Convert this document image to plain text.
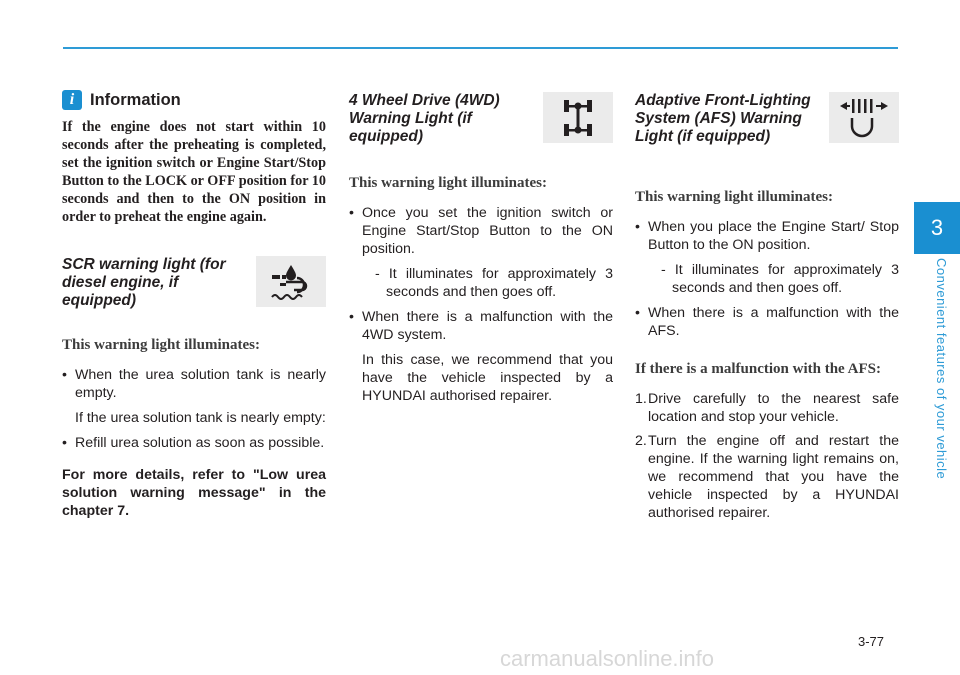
i Information
If the engine does not start within 10 seconds after the preheating is completed, set the ignition switch or Engine Start/Stop Button to the LOCK or OFF position for 10 seconds and then to the ON position in order to preheat the engine again.
SCR warning light (for diesel engine, if equipped)
This warning light illuminates:
• When the urea solution tank is nearly empty.
If the urea solution tank is nearly empty:
• Refill urea solution as soon as possible.
For more details, refer to "Low urea solution warning message" in the chapter 7.
4 Wheel Drive (4WD) Warning Light (if equipped)
This warning light illuminates:
• Once you set the ignition switch or Engine Start/Stop Button to the ON position.
- It illuminates for approximately 3 seconds and then goes off.
• When there is a malfunction with the 4WD system.
In this case, we recommend that you have the vehicle inspected by a HYUNDAI authorised repairer.
Adaptive Front-Lighting System (AFS) Warning Light (if equipped)
This warning light illuminates:
• When you place the Engine Start/ Stop Button to the ON position.
- It illuminates for approximately 3 seconds and then goes off.
• When there is a malfunction with the AFS.
If there is a malfunction with the AFS:
1.Drive carefully to the nearest safe location and stop your vehicle.
2.Turn the engine off and restart the engine. If the warning light remains on, we recommend that you have the vehicle inspected by a HYUNDAI authorised repairer.
3
Convenient features of your vehicle
3-77
carmanualsonline.info
